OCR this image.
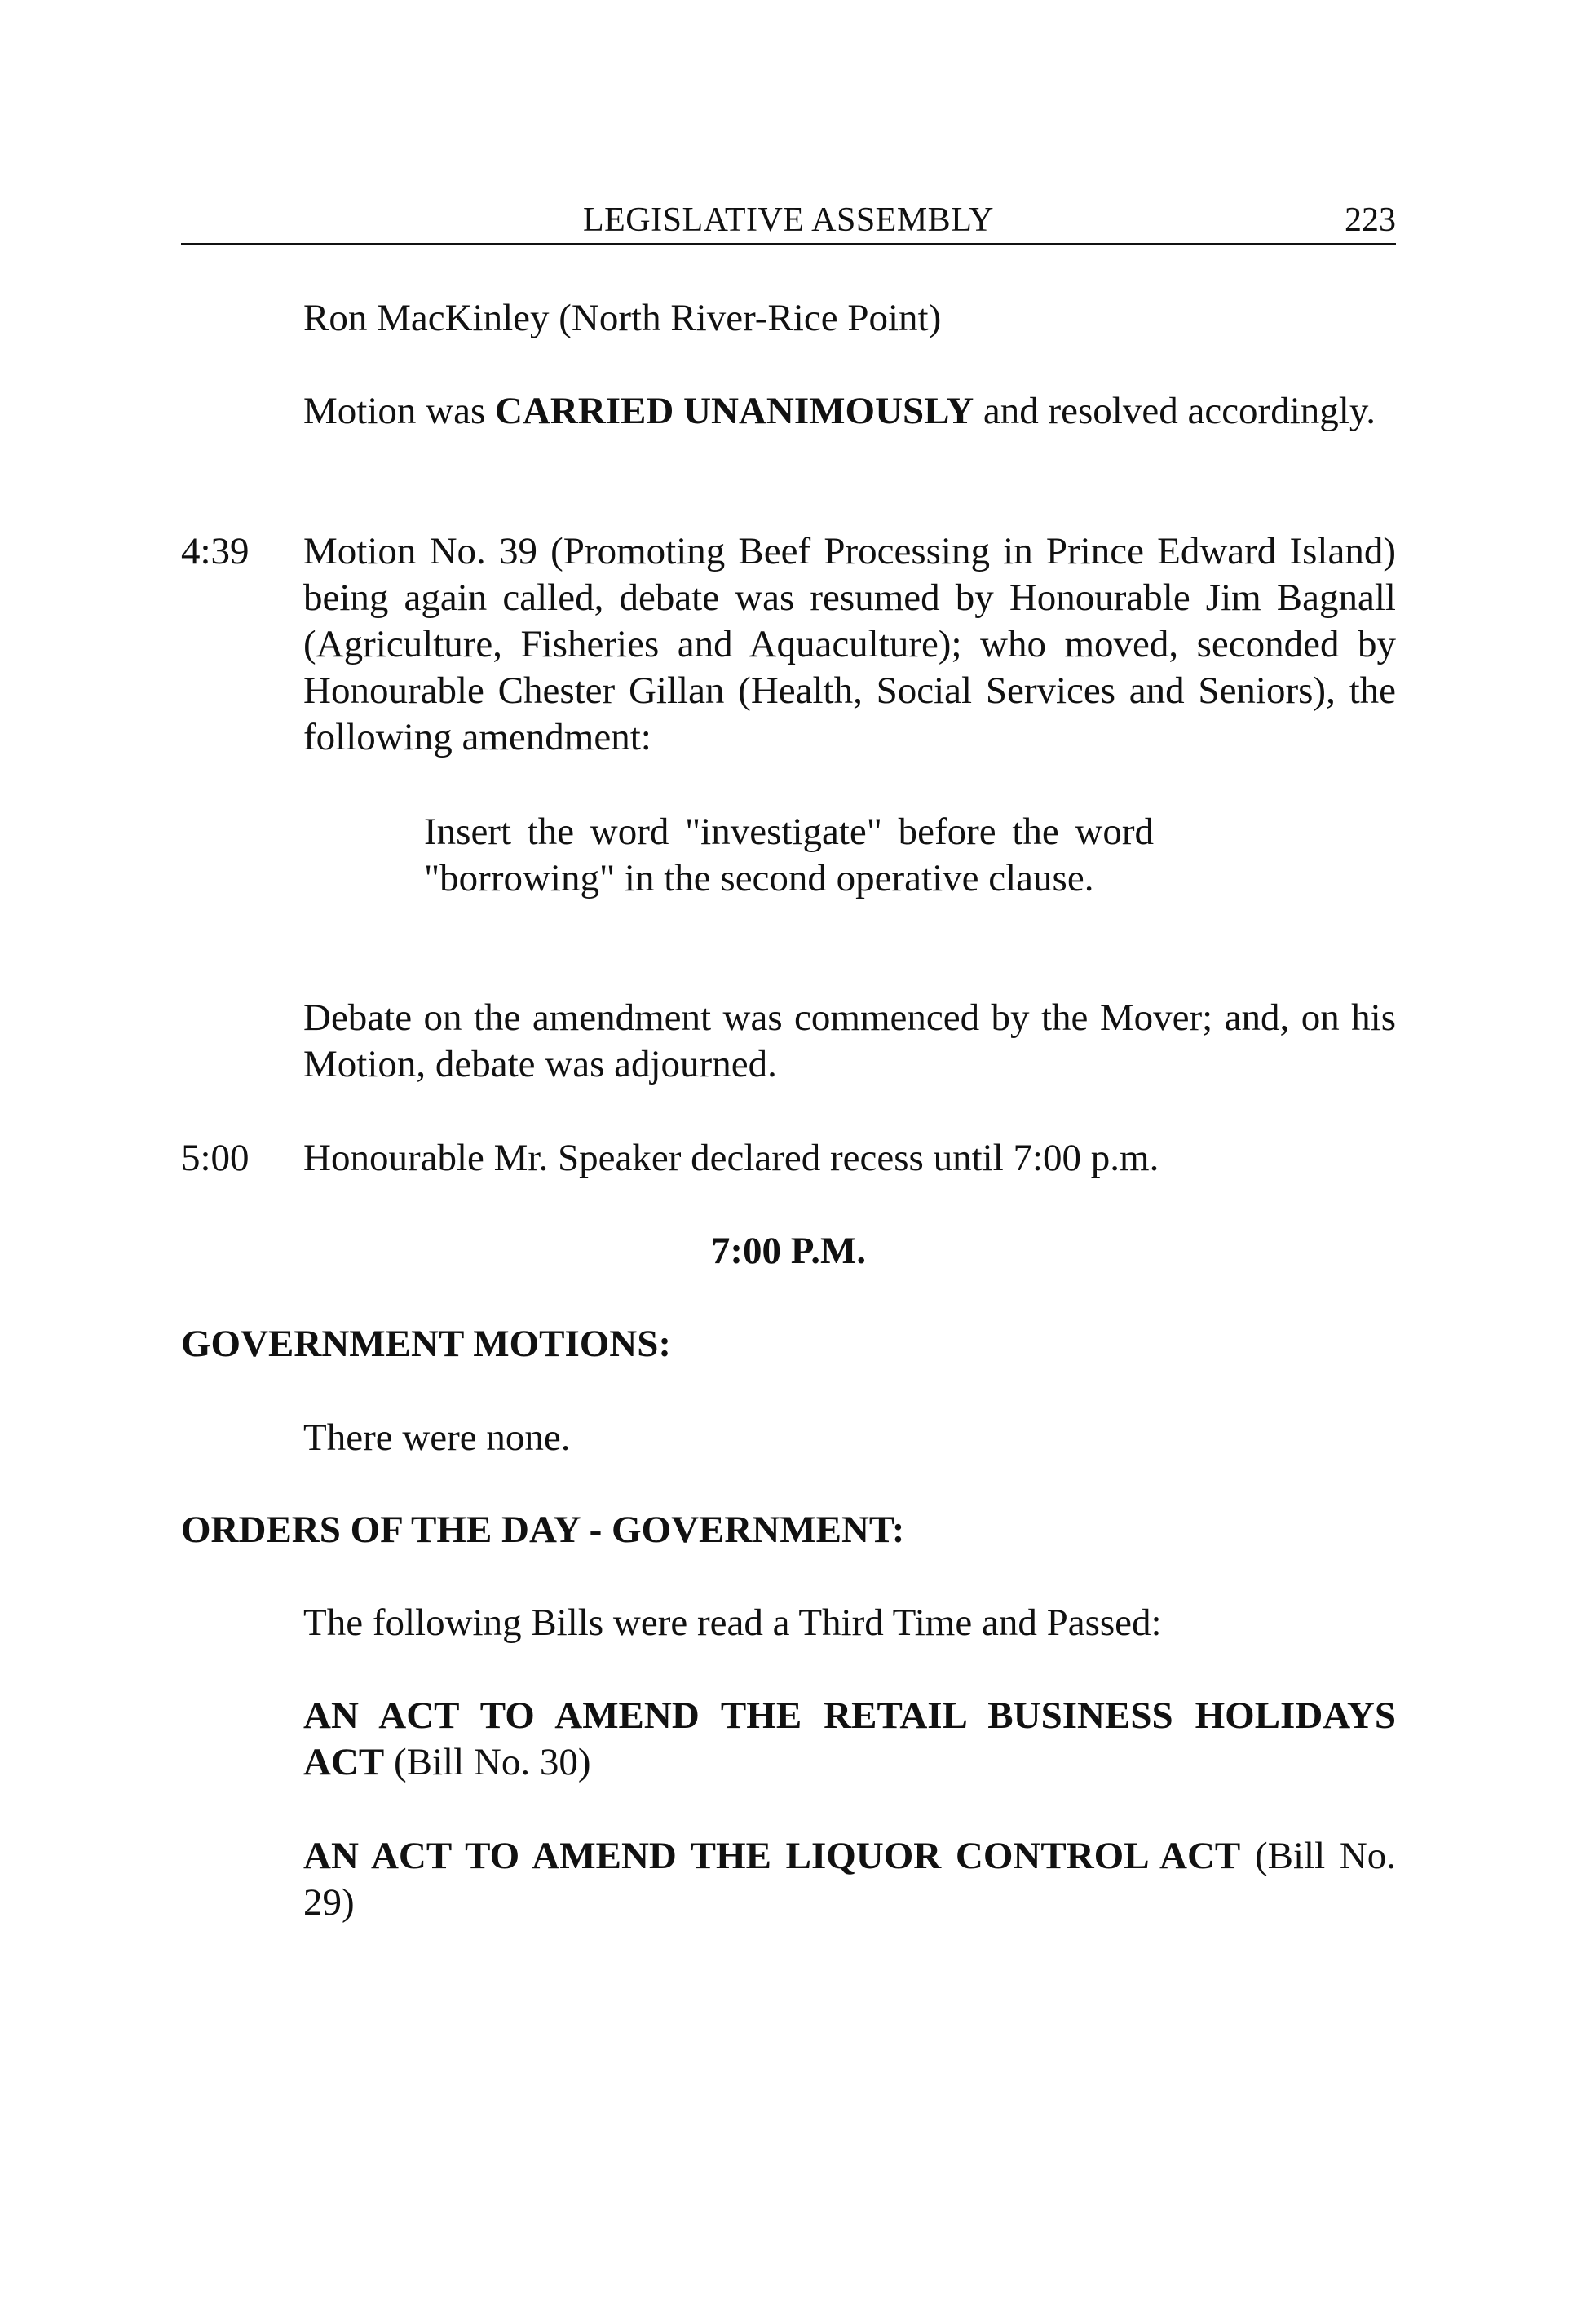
LEGISLATIVE ASSEMBLY	223
Ron MacKinley (North River-Rice Point)
Motion was CARRIED UNANIMOUSLY and resolved accordingly.
4:39 Motion No. 39 (Promoting Beef Processing in Prince Edward Island) being again called, debate was resumed by Honourable Jim Bagnall (Agriculture, Fisheries and Aquaculture); who moved, seconded by Honourable Chester Gillan (Health, Social Services and Seniors), the following amendment:
Insert the word "investigate" before the word "borrowing" in the second operative clause.
Debate on the amendment was commenced by the Mover; and, on his Motion, debate was adjourned.
5:00 Honourable Mr. Speaker declared recess until 7:00 p.m.
7:00 P.M.
GOVERNMENT MOTIONS:
There were none.
ORDERS OF THE DAY - GOVERNMENT:
The following Bills were read a Third Time and Passed:
AN ACT TO AMEND THE RETAIL BUSINESS HOLIDAYS ACT (Bill No. 30)
AN ACT TO AMEND THE LIQUOR CONTROL ACT (Bill No. 29)
